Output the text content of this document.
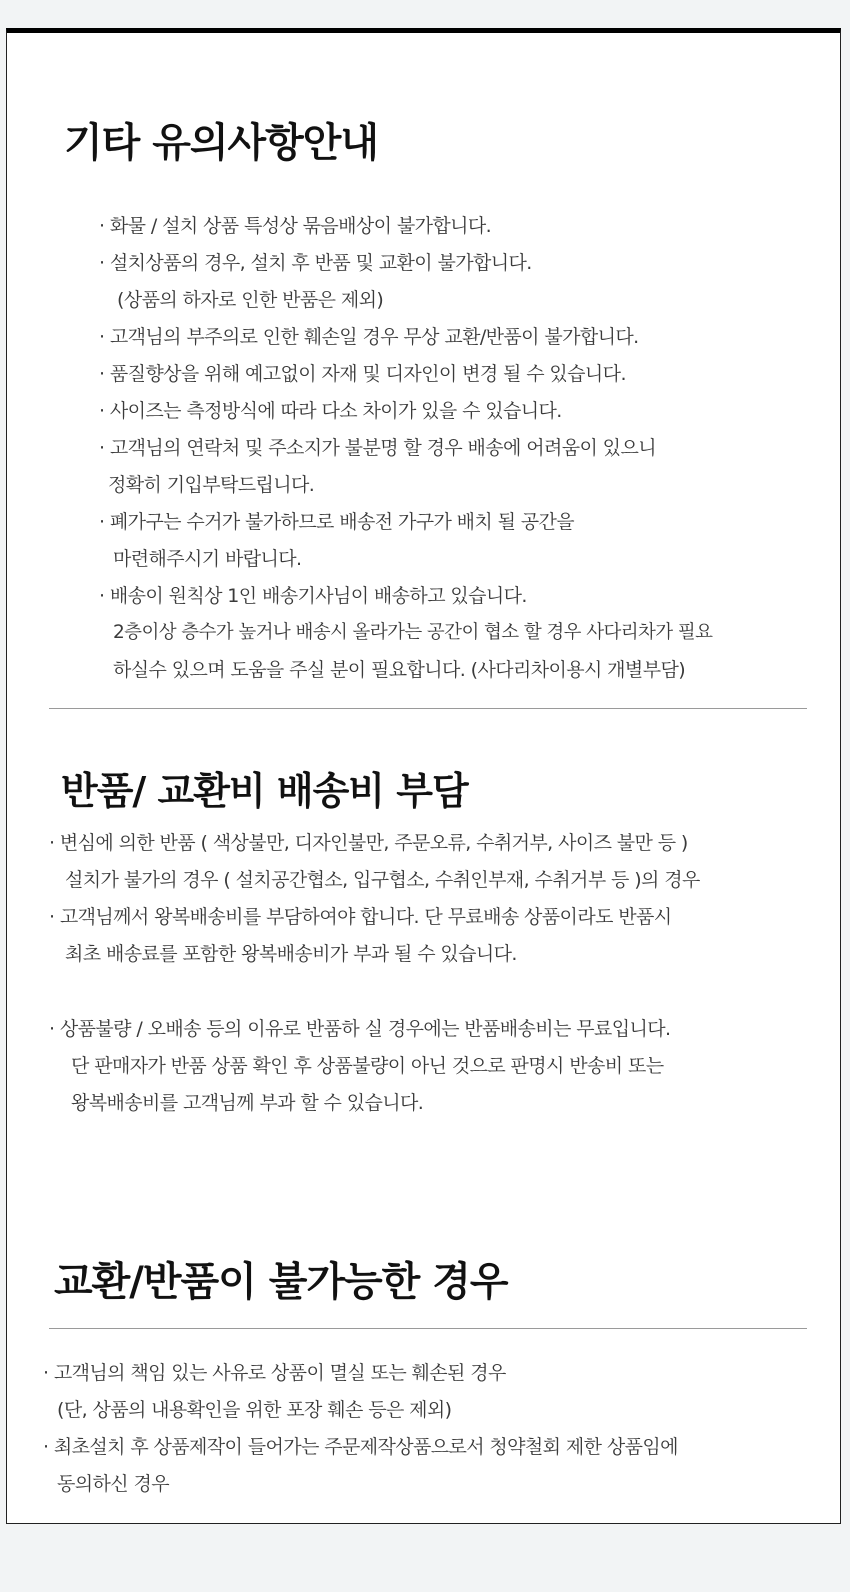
기타 유의사항안내
· 화물 / 설치 상품 특성상 묶음배상이 불가합니다.
· 설치상품의 경우, 설치 후 반품 및 교환이 불가합니다.
(상품의 하자로 인한 반품은 제외)
· 고객님의 부주의로 인한 훼손일 경우 무상 교환/반품이 불가합니다.
· 품질향상을 위해 예고없이 자재 및 디자인이 변경 될 수 있습니다.
· 사이즈는 측정방식에 따라 다소 차이가 있을 수 있습니다.
· 고객님의 연락처 및 주소지가 불분명 할 경우 배송에 어려움이 있으니
정확히 기입부탁드립니다.
· 폐가구는 수거가 불가하므로 배송전 가구가 배치 될 공간을
마련해주시기 바랍니다.
· 배송이 원칙상 1인 배송기사님이 배송하고 있습니다.
2층이상 층수가 높거나 배송시 올라가는 공간이 협소 할 경우 사다리차가 필요
하실수 있으며 도움을 주실 분이 필요합니다. (사다리차이용시 개별부담)
반품/ 교환비 배송비 부담
· 변심에 의한 반품 ( 색상불만, 디자인불만, 주문오류, 수취거부, 사이즈 불만 등 )
설치가 불가의 경우 ( 설치공간협소, 입구협소, 수취인부재, 수취거부 등 )의 경우
· 고객님께서 왕복배송비를 부담하여야 합니다. 단 무료배송 상품이라도 반품시
최초 배송료를 포함한 왕복배송비가 부과 될 수 있습니다.
· 상품불량 / 오배송 등의 이유로 반품하 실 경우에는 반품배송비는 무료입니다.
단 판매자가 반품 상품 확인 후 상품불량이 아닌 것으로 판명시 반송비 또는
왕복배송비를 고객님께 부과 할 수 있습니다.
교환/반품이 불가능한 경우
· 고객님의 책임 있는 사유로 상품이 멸실 또는 훼손된 경우
(단, 상품의 내용확인을 위한 포장 훼손 등은 제외)
· 최초설치 후 상품제작이 들어가는 주문제작상품으로서 청약철회 제한 상품임에
동의하신 경우
